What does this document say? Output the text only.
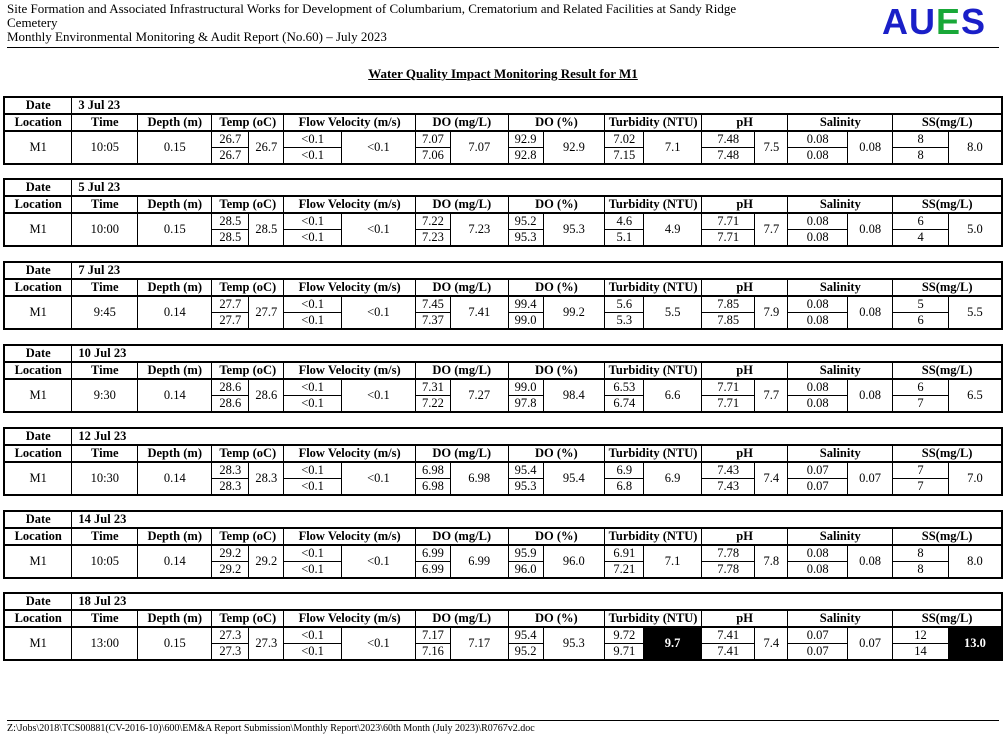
Site Formation and Associated Infrastructural Works for Development of Columbarium, Crematorium and Related Facilities at Sandy Ridge
Cemetery
Monthly Environmental Monitoring & Audit Report (No.60) – July 2023	AUES
Water Quality Impact Monitoring Result for M1
Date	3 Jul 23																	
Location	Time	Depth (m)	Temp (oC)		Flow Velocity (m/s)		DO (mg/L)		DO (%)		Turbidity (NTU)		pH		Salinity		SS(mg/L)	
M1	10:05	0.15	26.7	26.7	<0.1	<0.1	7.07	7.07	92.9	92.9	7.02	7.1	7.48	7.5	0.08	0.08	8	8.0
			26.7		<0.1		7.06		92.8		7.15		7.48		0.08		8	
Date	5 Jul 23																	
Location	Time	Depth (m)	Temp (oC)		Flow Velocity (m/s)		DO (mg/L)		DO (%)		Turbidity (NTU)		pH		Salinity		SS(mg/L)	
M1	10:00	0.15	28.5	28.5	<0.1	<0.1	7.22	7.23	95.2	95.3	4.6	4.9	7.71	7.7	0.08	0.08	6	5.0
			28.5		<0.1		7.23		95.3		5.1		7.71		0.08		4	
Date	7 Jul 23																	
Location	Time	Depth (m)	Temp (oC)		Flow Velocity (m/s)		DO (mg/L)		DO (%)		Turbidity (NTU)		pH		Salinity		SS(mg/L)	
M1	9:45	0.14	27.7	27.7	<0.1	<0.1	7.45	7.41	99.4	99.2	5.6	5.5	7.85	7.9	0.08	0.08	5	5.5
			27.7		<0.1		7.37		99.0		5.3		7.85		0.08		6	
Date	10 Jul 23																	
Location	Time	Depth (m)	Temp (oC)		Flow Velocity (m/s)		DO (mg/L)		DO (%)		Turbidity (NTU)		pH		Salinity		SS(mg/L)	
M1	9:30	0.14	28.6	28.6	<0.1	<0.1	7.31	7.27	99.0	98.4	6.53	6.6	7.71	7.7	0.08	0.08	6	6.5
			28.6		<0.1		7.22		97.8		6.74		7.71		0.08		7	
Date	12 Jul 23																	
Location	Time	Depth (m)	Temp (oC)		Flow Velocity (m/s)		DO (mg/L)		DO (%)		Turbidity (NTU)		pH		Salinity		SS(mg/L)	
M1	10:30	0.14	28.3	28.3	<0.1	<0.1	6.98	6.98	95.4	95.4	6.9	6.9	7.43	7.4	0.07	0.07	7	7.0
			28.3		<0.1		6.98		95.3		6.8		7.43		0.07		7	
Date	14 Jul 23																	
Location	Time	Depth (m)	Temp (oC)		Flow Velocity (m/s)		DO (mg/L)		DO (%)		Turbidity (NTU)		pH		Salinity		SS(mg/L)	
M1	10:05	0.14	29.2	29.2	<0.1	<0.1	6.99	6.99	95.9	96.0	6.91	7.1	7.78	7.8	0.08	0.08	8	8.0
			29.2		<0.1		6.99		96.0		7.21		7.78		0.08		8	
Date	18 Jul 23																	
Location	Time	Depth (m)	Temp (oC)		Flow Velocity (m/s)		DO (mg/L)		DO (%)		Turbidity (NTU)		pH		Salinity		SS(mg/L)	
M1	13:00	0.15	27.3	27.3	<0.1	<0.1	7.17	7.17	95.4	95.3	9.72	9.7	7.41	7.4	0.07	0.07	12	13.0
			27.3		<0.1		7.16		95.2		9.71		7.41		0.07		14	
Z:\Jobs\2018\TCS00881(CV-2016-10)\600\EM&A Report Submission\Monthly Report\2023\60th Month (July 2023)\R0767v2.doc
